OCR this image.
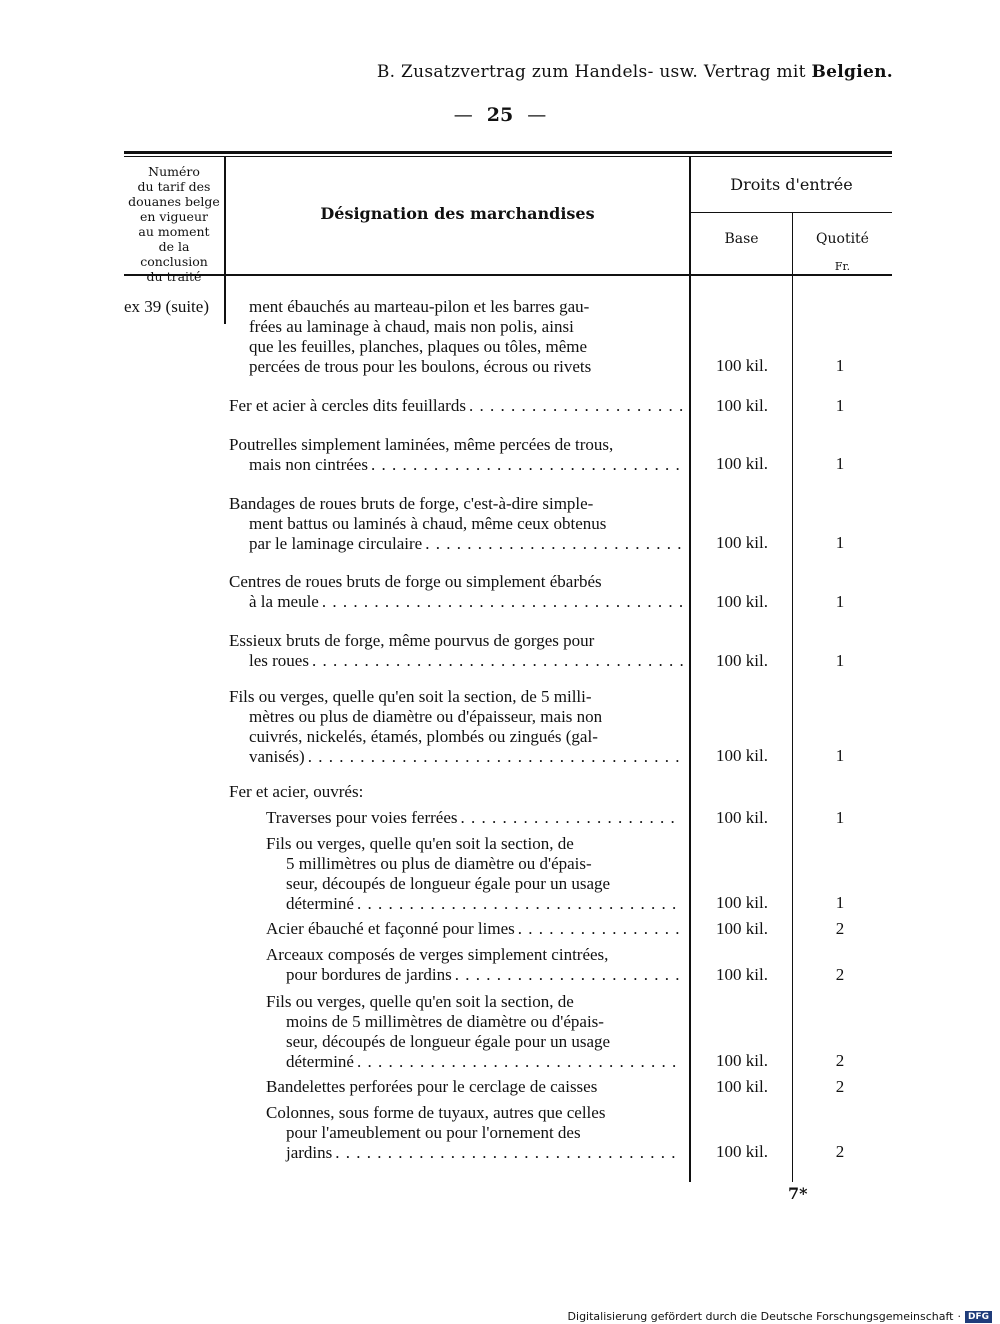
B. Zusatzvertrag zum Handels- usw. Vertrag mit Belgien.
— 25 —
Numéro
du tarif des
douanes belge
en vigueur
au moment
de la conclusion
du traité
Désignation des marchandises
Droits d'entrée
Base	Quotité
Fr.
ex 39 (suite) ment ébauchés au marteau-pilon et les barres gau-
frées au laminage à chaud, mais non polis, ainsi
que les feuilles, planches, plaques ou tôles, même
percées de trous pour les boulons, écrous ou rivets	100 kil.	1
Fer et acier à cercles dits feuillards . . .	100 kil.	1
Poutrelles simplement laminées, même percées de trous,
mais non cintrées . . .	100 kil.	1
Bandages de roues bruts de forge, c'est-à-dire simple-
ment battus ou laminés à chaud, même ceux obtenus
par le laminage circulaire . . .	100 kil.	1
Centres de roues bruts de forge ou simplement ébarbés
à la meule . . .	100 kil.	1
Essieux bruts de forge, même pourvus de gorges pour
les roues . . .	100 kil.	1
Fils ou verges, quelle qu'en soit la section, de 5 milli-
mètres ou plus de diamètre ou d'épaisseur, mais non
cuivrés, nickelés, étamés, plombés ou zingués (gal-
vanisés) . . .	100 kil.	1
Fer et acier, ouvrés:
Traverses pour voies ferrées . . .	100 kil.	1
Fils ou verges, quelle qu'en soit la section, de
5 millimètres ou plus de diamètre ou d'épais-
seur, découpés de longueur égale pour un usage
déterminé . . .	100 kil.	1
Acier ébauché et façonné pour limes . . .	100 kil.	2
Arceaux composés de verges simplement cintrées,
pour bordures de jardins . . .	100 kil.	2
Fils ou verges, quelle qu'en soit la section, de
moins de 5 millimètres de diamètre ou d'épais-
seur, découpés de longueur égale pour un usage
déterminé . . .	100 kil.	2
Bandelettes perforées pour le cerclage de caisses	100 kil.	2
Colonnes, sous forme de tuyaux, autres que celles
pour l'ameublement ou pour l'ornement des
jardins . . .	100 kil.	2
7*
Digitalisierung gefördert durch die Deutsche Forschungsgemeinschaft · DFG
